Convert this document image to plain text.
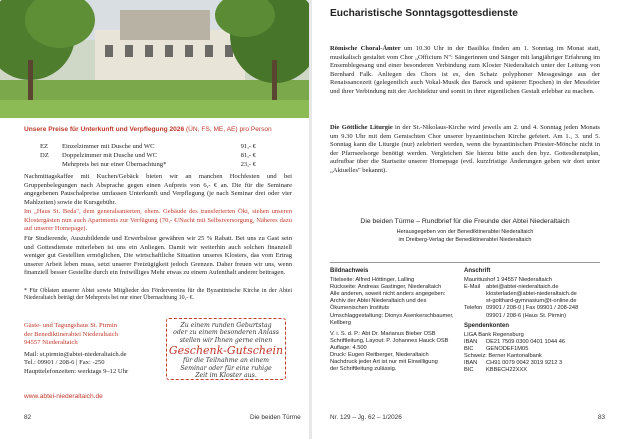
Unsere Preise für Unterkunft und Verpflegung 2026 (ÜN, FS, ME, AE) pro Person
EZ	Einzelzimmer mit Dusche und WC	91,- €
DZ	Doppelzimmer mit Dusche und WC	81,- €
	Mehrpreis bei nur einer Übernachtung*	23,- €

Nachmittagskaffee mit Kuchen/Gebäck bieten wir an manchen Hochfesten und bei Gruppenbelegungen nach Absprache gegen einen Aufpreis von 6,- € an. Die für die Seminare angegebenen Pauschalpreise umfassen Unterkunft und Verpflegung (je nach Seminar drei oder vier Mahlzeiten) sowie die Kursgebühr.

Im „Haus St. Beda", dem generalsanierten, ehem. Gebäude des transferierten Öki, stehen unseren Klostergästen nun auch Apartments zur Verfügung (70,- €/Nacht mit Selbstversorgung, Näheres dazu auf unserer Homepage).

Für Studierende, Auszubildende und Erwerbslose gewähren wir 25 % Rabatt. Bei uns zu Gast sein und Gottesdienste miterleben ist uns ein Anliegen. Damit wir weiterhin auch solchen finanziell weniger gut Gestellten ermöglichen, Die wirtschaftliche Situation unseres Klosters, das vom Ertrag unserer Arbeit leben muss, setzt unserer Freizügigkeit jedoch Grenzen. Daher freuen wir uns, wenn finanziell besser Gestellte durch ein freiwilliges Mehr etwas zu einem Aufenthalt anderer beitragen.

* Für Oblaten unserer Abtei sowie Mitglieder des Fördervereins für die Byzantinische Kirche in der Abtei Niederaltaich beträgt der Mehrpreis bei nur einer Übernachtung 10,- €.

Gäste- und Tagungshaus St. Pirmin
der Benediktinerabtei Niederaltaich
94557 Niederaltaich
Mail: st.pirmin@abtei-niederaltaich.de
Tel.: 09901 / 208-6 | Fax: -250
Haupttelefonzeiten: werktags 9–12 Uhr
Zu einem runden Geburtstag
oder zu einem besonderen Anlass
stellen wir Ihnen gerne einen
Geschenk-Gutschein
für die Teilnahme an einem
Seminar oder für eine ruhige
Zeit im Kloster aus.
www.abtei-niederaltaich.de
82	Die beiden Türme
Eucharistische Sonntagsgottesdienste

Römische Choral-Ämter um 10.30 Uhr in der Basilika finden am 1. Sonntag im Monat statt, musikalisch gestaltet vom Chor „Officium N": Sängerinnen und Sänger mit langjähriger Erfahrung im Ensemblegesang und einer besonderen Verbindung zum Kloster Niederaltaich unter der Leitung von Bernhard Falk. Anliegen des Chors ist es, den Schatz polyphoner Messgesänge aus der Renaissancezeit (gelegentlich auch Vokal-Musik des Barock und späterer Epochen) in der Messfeier und ihrer Verbindung mit der Architektur und somit in ihrer eigentlichen Gestalt erlebbar zu machen.

Die Göttliche Liturgie in der St.-Nikolaus-Kirche wird jeweils am 2. und 4. Sonntag jeden Monats um 9.30 Uhr mit dem Gemischten Chor unserer byzantinischen Kirche gefeiert. Am 1., 3. und 5. Sonntag kann die Liturgie (nur) zelebriert werden, wenn die byzantinischen Priester-Mönche nicht in der Pfarrseelsorge benötigt werden. Vergleichen Sie hierzu bitte auch den byz. Gottesdienstplan, aufrufbar über die Startseite unserer Homepage (evtl. kurzfristige Änderungen geben wir dort unter „Aktuelles" bekannt).

Die beiden Türme – Rundbrief für die Freunde der Abtei Niederaltaich
Herausgegeben von der Benediktinerabtei Niederaltaich
im Dreiberg-Verlag der Benediktinerabtei Niederaltaich
Bildnachweis
Titelseite: Alfred Höttinger, Lalling
Rückseite: Andreas Gastinger, Niederaltaich
Alle anderen, soweit nicht anders angegeben:
Archiv der Abtei Niederaltaich und des
Ökumenischen Instituts
Umschlaggestaltung: Dionys Asenkerschbaumer, Kellberg
V. i. S. d. P.: Abt Dr. Marianus Bieber OSB
Schriftleitung, Layout: P. Johannes Hauck OSB
Auflage: 4.500
Druck: Eugen Reitberger, Niederaltaich
Nachdruck jeder Art ist nur mit Einwilligung
der Schriftleitung zulässig.
Anschrift
Mauritiushof 1 94557 Niederaltaich
E-Mail	abtei@abtei-niederaltaich.de
klosterladen@abtei-niederaltaich.de
st-gotthard-gymnasium@t-online.de
Telefon 09901 / 208-0 | Fax 09901 / 208-248
09901 / 208-6 (Haus St. Pirmin)
Spendenkonten
LIGA Bank Regensburg
IBAN	DE21 7509 0300 0401 1044 46
BIC	GENODEF1M05
Schweiz: Berner Kantonalbank
IBAN	CH91 0079 0042 3019 9212 3
BIC	KBBECH22XXX
Nr. 129 – Jg. 62 – 1/2026	83
